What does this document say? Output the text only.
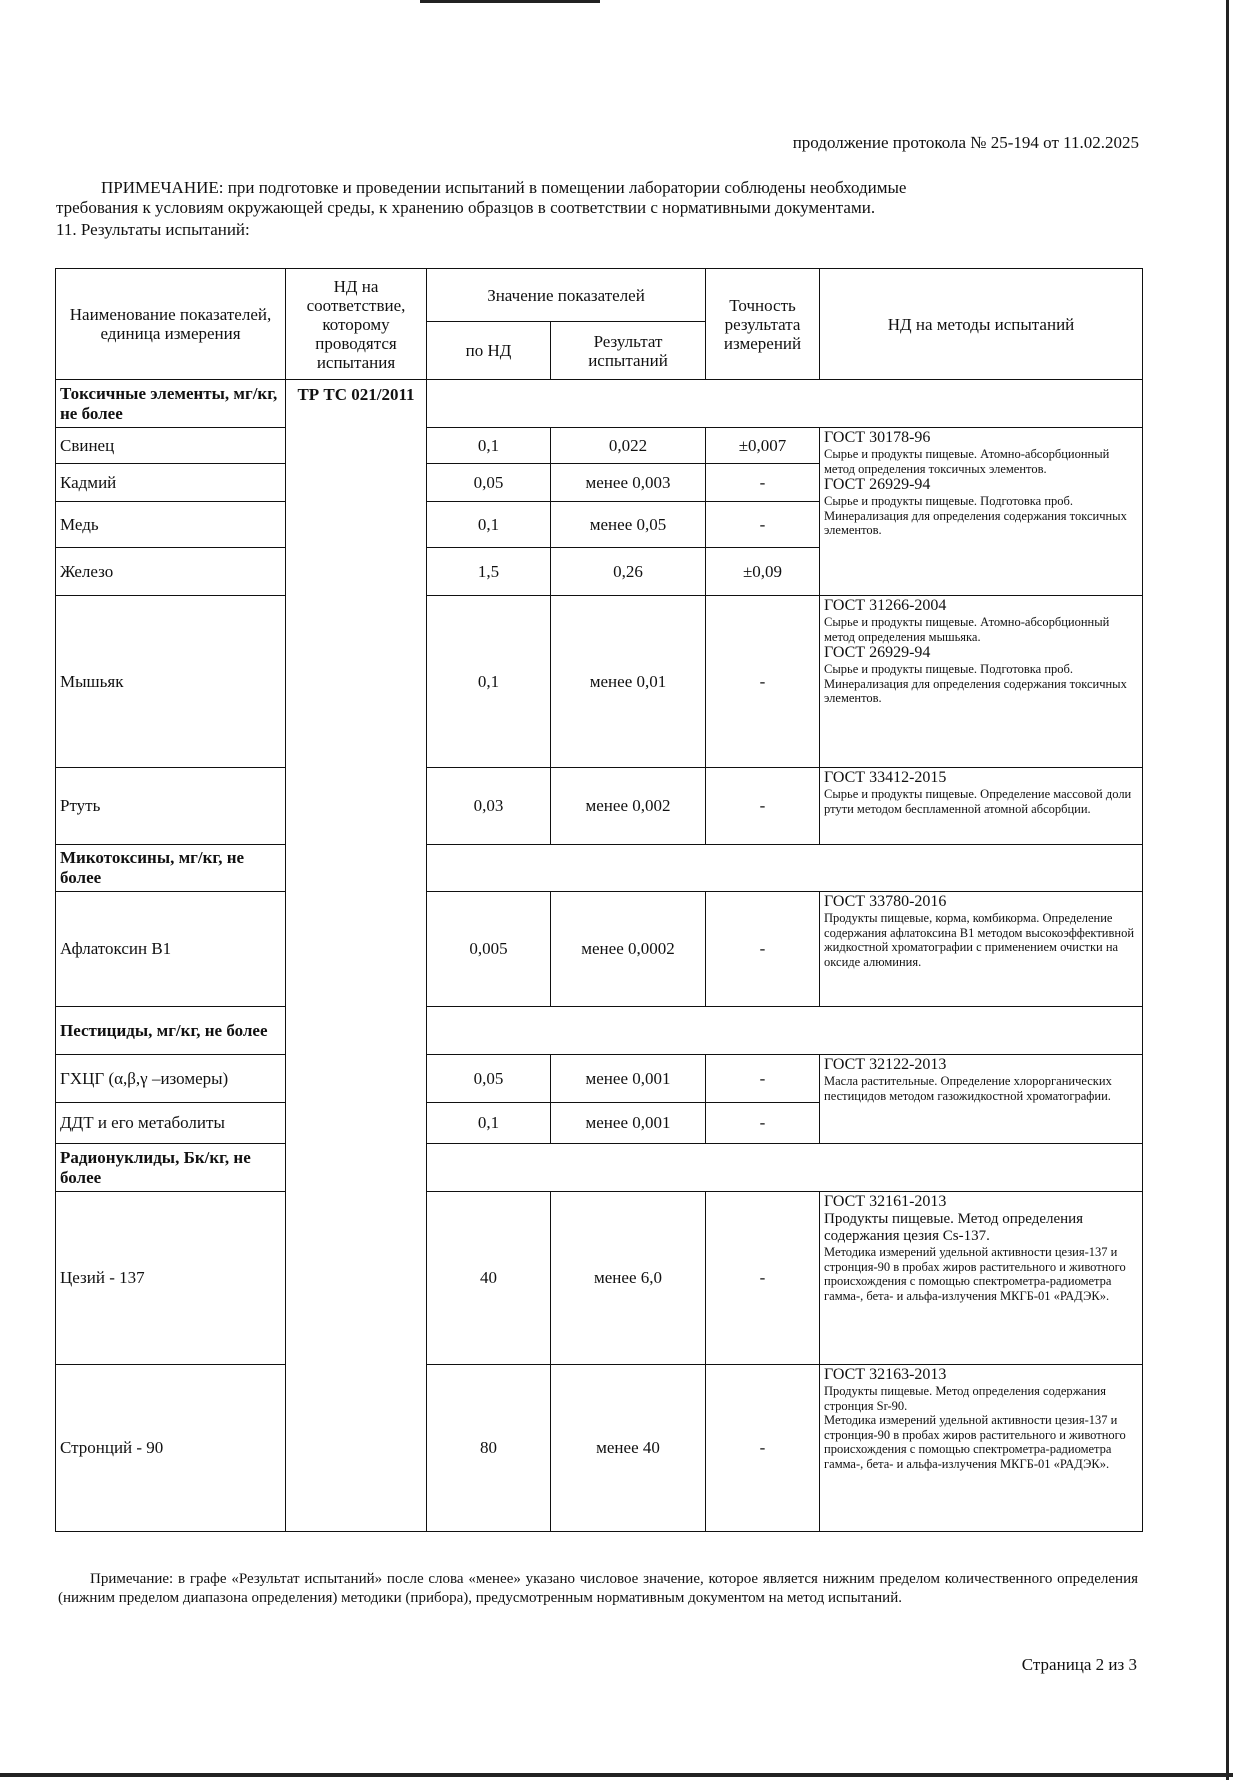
продолжение протокола № 25-194 от 11.02.2025

ПРИМЕЧАНИЕ: при подготовке и проведении испытаний в помещении лаборатории соблюдены необходимые

требования к условиям окружающей среды, к хранению образцов в соответствии с нормативными документами.

11. Результаты испытаний:
Наименование показателей, единица измерения	НД на соответствие, которому проводятся испытания	Значение показателей		Точность результата измерений	НД на методы испытаний
		по НД	Результат испытаний		
Токсичные элементы, мг/кг, не более	ТР ТС 021/2011				
Свинец		0,1	0,022	±0,007	ГОСТ 30178-96
Сырье и продукты пищевые. Атомно-абсорбционный метод определения токсичных элементов.
ГОСТ 26929-94
Сырье и продукты пищевые. Подготовка проб. Минерализация для определения содержания токсичных элементов.

Кадмий		0,05	менее 0,003	-	
Медь		0,1	менее 0,05	-	
Железо		1,5	0,26	±0,09	
Мышьяк		0,1	менее 0,01	-	ГОСТ 31266-2004
Сырье и продукты пищевые. Атомно-абсорбционный метод определения мышьяка.
ГОСТ 26929-94
Сырье и продукты пищевые. Подготовка проб. Минерализация для определения содержания токсичных элементов.

Ртуть		0,03	менее 0,002	-	ГОСТ 33412-2015
Сырье и продукты пищевые. Определение массовой доли ртути методом беспламенной атомной абсорбции.

Микотоксины, мг/кг, не более					
Афлатоксин В1		0,005	менее 0,0002	-	ГОСТ 33780-2016
Продукты пищевые, корма, комбикорма. Определение содержания афлатоксина В1 методом высокоэффективной жидкостной хроматографии с применением очистки на оксиде алюминия.

Пестициды, мг/кг, не более					
ГХЦГ (α,β,γ –изомеры)		0,05	менее 0,001	-	ГОСТ 32122-2013
Масла растительные. Определение хлорорганических пестицидов методом газожидкостной хроматографии.

ДДТ и его метаболиты		0,1	менее 0,001	-	
Радионуклиды, Бк/кг, не более					
Цезий - 137		40	менее 6,0	-	ГОСТ 32161-2013
Продукты пищевые. Метод определения содержания цезия Cs-137.
Методика измерений удельной активности цезия-137 и стронция-90 в пробах жиров растительного и животного происхождения с помощью спектрометра-радиометра гамма-, бета- и альфа-излучения МКГБ-01 «РАДЭК».

Стронций - 90		80	менее 40	-	ГОСТ 32163-2013
Продукты пищевые. Метод определения содержания стронция Sr-90.
Методика измерений удельной активности цезия-137 и стронция-90 в пробах жиров растительного и животного происхождения с помощью спектрометра-радиометра гамма-, бета- и альфа-излучения МКГБ-01 «РАДЭК».

Примечание: в графе «Результат испытаний» после слова «менее» указано числовое значение, которое является нижним пределом количественного определения (нижним пределом диапазона определения) методики (прибора), предусмотренным нормативным документом на метод испытаний.

Страница 2 из 3
